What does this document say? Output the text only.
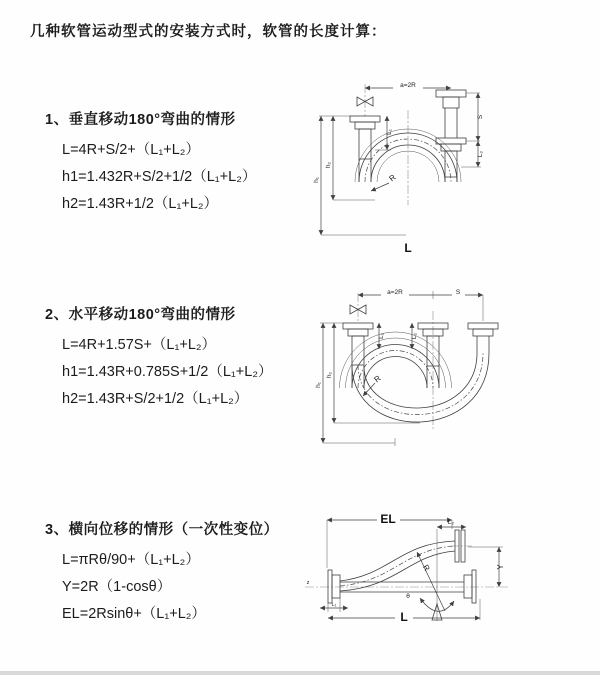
几种软管运动型式的安装方式时，软管的长度计算：
1、垂直移动180°弯曲的情形
L=4R+S/2+（L₁+L₂）
h1=1.432R+S/2+1/2（L₁+L₂）
h2=1.43R+1/2（L₁+L₂）
2、水平移动180°弯曲的情形
L=4R+1.57S+（L₁+L₂）
h1=1.43R+0.785S+1/2（L₁+L₂）
h2=1.43R+S/2+1/2（L₁+L₂）
3、横向位移的情形（一次性变位）
L=πRθ/90+（L₁+L₂）
Y=2R（1-cosθ）
EL=2Rsinθ+（L₁+L₂）
a=2R
S
L₂
L₁
h₁
h₂
R
L
a=2R	S
L₁	L₂
h₁
h₂	R
z
EL	L₂
R
θ
Y
L₁
L
